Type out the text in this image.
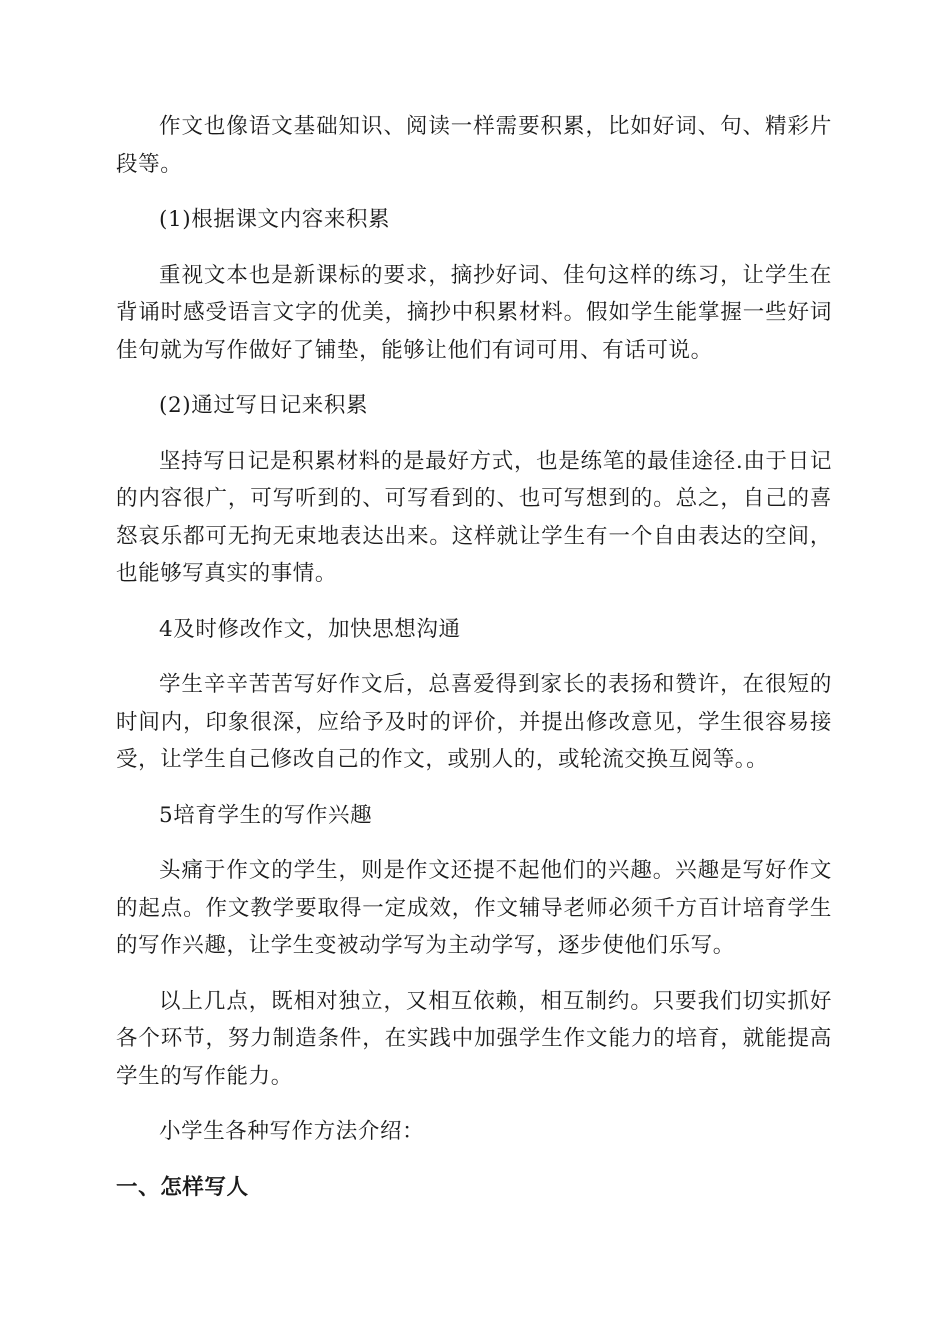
作文也像语文基础知识、阅读一样需要积累，比如好词、句、精彩片段等。

(1)根据课文内容来积累

重视文本也是新课标的要求，摘抄好词、佳句这样的练习，让学生在背诵时感受语言文字的优美，摘抄中积累材料。假如学生能掌握一些好词佳句就为写作做好了铺垫，能够让他们有词可用、有话可说。

(2)通过写日记来积累

坚持写日记是积累材料的是最好方式，也是练笔的最佳途径.由于日记的内容很广，可写听到的、可写看到的、也可写想到的。总之，自己的喜怒哀乐都可无拘无束地表达出来。这样就让学生有一个自由表达的空间，也能够写真实的事情。

4及时修改作文，加快思想沟通

学生辛辛苦苦写好作文后，总喜爱得到家长的表扬和赞许，在很短的时间内，印象很深，应给予及时的评价，并提出修改意见，学生很容易接受，让学生自己修改自己的作文，或别人的，或轮流交换互阅等。。

5培育学生的写作兴趣

头痛于作文的学生，则是作文还提不起他们的兴趣。兴趣是写好作文的起点。作文教学要取得一定成效，作文辅导老师必须千方百计培育学生的写作兴趣，让学生变被动学写为主动学写，逐步使他们乐写。

以上几点，既相对独立，又相互依赖，相互制约。只要我们切实抓好各个环节，努力制造条件，在实践中加强学生作文能力的培育，就能提高学生的写作能力。

小学生各种写作方法介绍：

一、怎样写人
